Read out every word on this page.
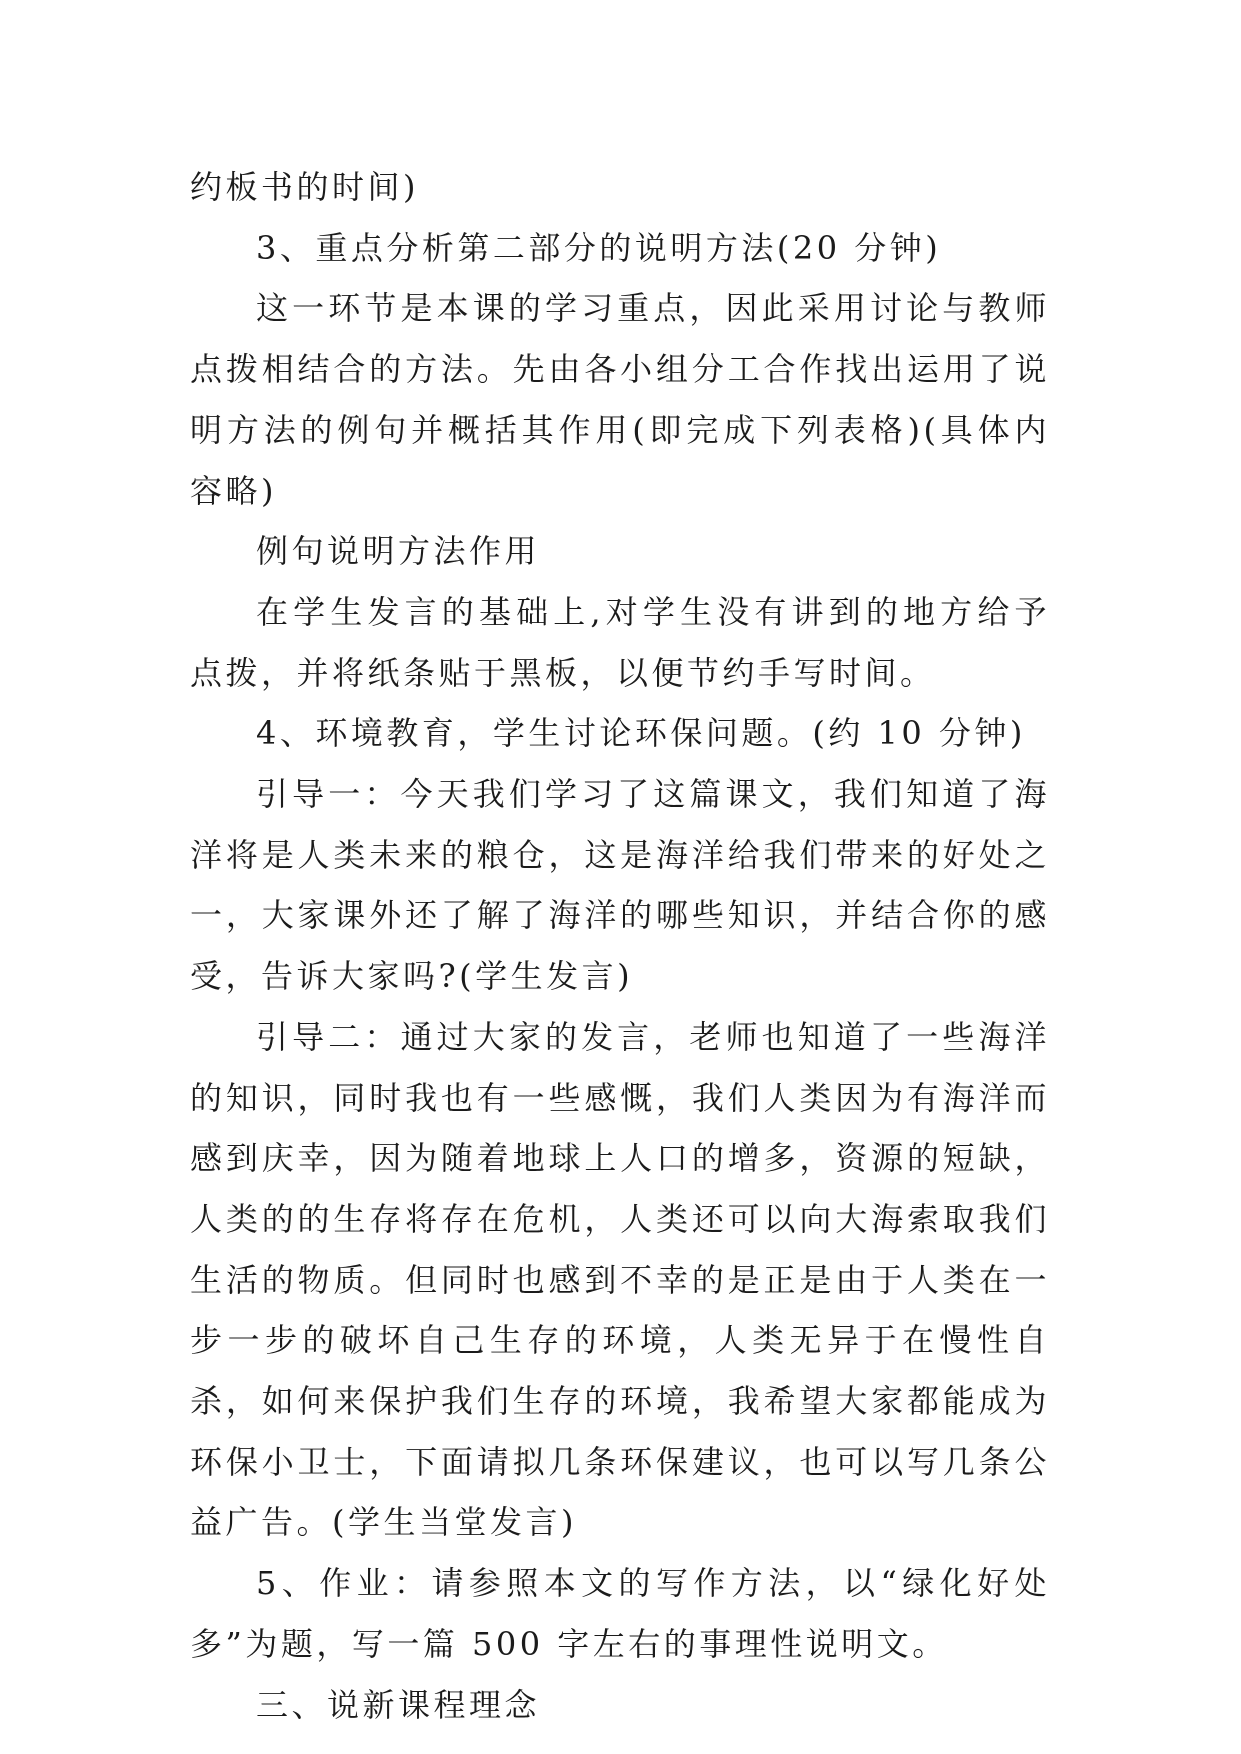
约板书的时间)

3、重点分析第二部分的说明方法(20 分钟)

这一环节是本课的学习重点，因此采用讨论与教师点拨相结合的方法。先由各小组分工合作找出运用了说明方法的例句并概括其作用(即完成下列表格)(具体内容略)

例句说明方法作用

在学生发言的基础上,对学生没有讲到的地方给予点拨，并将纸条贴于黑板，以便节约手写时间。

4、环境教育，学生讨论环保问题。(约 10 分钟)

引导一：今天我们学习了这篇课文，我们知道了海洋将是人类未来的粮仓，这是海洋给我们带来的好处之一，大家课外还了解了海洋的哪些知识，并结合你的感受，告诉大家吗?(学生发言)

引导二：通过大家的发言，老师也知道了一些海洋的知识，同时我也有一些感慨，我们人类因为有海洋而感到庆幸，因为随着地球上人口的增多，资源的短缺，人类的的生存将存在危机，人类还可以向大海索取我们生活的物质。但同时也感到不幸的是正是由于人类在一步一步的破坏自己生存的环境，人类无异于在慢性自杀，如何来保护我们生存的环境，我希望大家都能成为环保小卫士，下面请拟几条环保建议，也可以写几条公益广告。(学生当堂发言)

5、作业：请参照本文的写作方法，以“绿化好处多”为题，写一篇 500 字左右的事理性说明文。

三、说新课程理念
